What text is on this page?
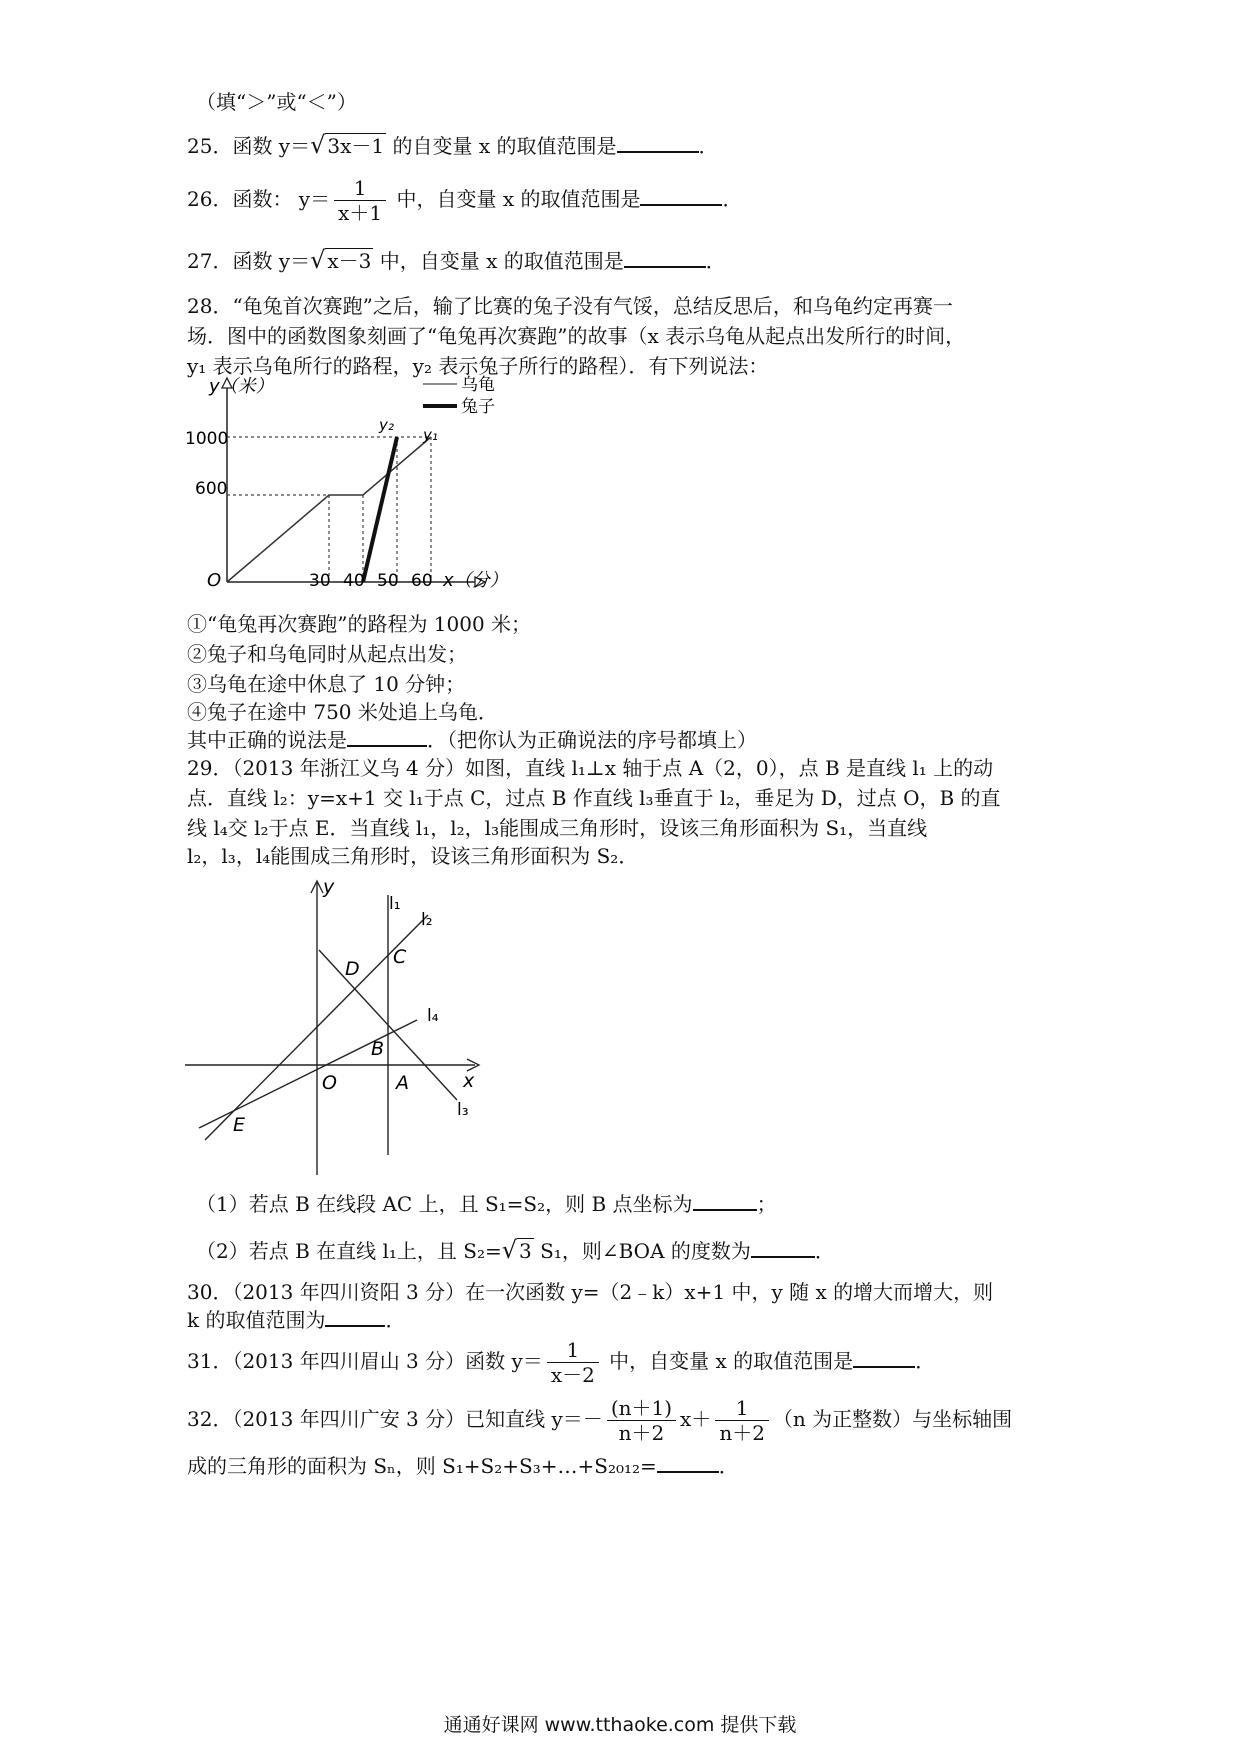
（填“＞”或“＜”）
25．函数 y＝√ 3x－1 的自变量 x 的取值范围是	．
26．函数： $y= \frac{1}{x+1}$ 中，自变量 x 的取值范围是	．
27．函数 y＝√ x－3 中，自变量 x 的取值范围是	．
28．“龟兔首次赛跑”之后，输了比赛的兔子没有气馁，总结反思后，和乌龟约定再赛一
场．图中的函数图象刻画了“龟兔再次赛跑”的故事（x 表示乌龟从起点出发所行的时间，
y₁ 表示乌龟所行的路程，y₂ 表示兔子所行的路程）．有下列说法：
乌龟
兔子
y（米）
x（分）
O
1000
600
30 40 50 60
y₂
y₁
①“龟兔再次赛跑”的路程为 1000 米；
②兔子和乌龟同时从起点出发；
③乌龟在途中休息了 10 分钟；
④兔子在途中 750 米处追上乌龟．
其中正确的说法是	．（把你认为正确说法的序号都填上）
29．（2013 年浙江义乌 4 分）如图，直线 l₁⊥x 轴于点 A（2，0），点 B 是直线 l₁ 上的动
点．直线 l₂：y=x+1 交 l₁于点 C，过点 B 作直线 l₃垂直于 l₂，垂足为 D，过点 O，B 的直
线 l₄交 l₂于点 E．当直线 l₁，l₂，l₃能围成三角形时，设该三角形面积为 S₁，当直线
l₂，l₃，l₄能围成三角形时，设该三角形面积为 S₂．
y
x
O	A
B
C
D
E
l₁
l₂
l₃
l₄
（1）若点 B 在线段 AC 上，且 S₁=S₂，则 B 点坐标为	；
（2）若点 B 在直线 l₁上，且 S₂=√ 3 S₁，则∠BOA 的度数为	．
30．（2013 年四川资阳 3 分）在一次函数 y=（2﹣k）x+1 中，y 随 x 的增大而增大，则
k 的取值范围为	．
31．（2013 年四川眉山 3 分）函数 $y= \frac{1}{x-2}$ 中，自变量 x 的取值范围是	．
32．（2013 年四川广安 3 分）已知直线 $y=- \frac{(n+1)}{n+2} x+ \frac{1}{n+2} (n$ 为正整数）与坐标轴围
成的三角形的面积为 Sₙ，则 S₁+S₂+S₃+…+S₂₀₁₂=	．
通通好课网 www.tthaoke.com 提供下载
